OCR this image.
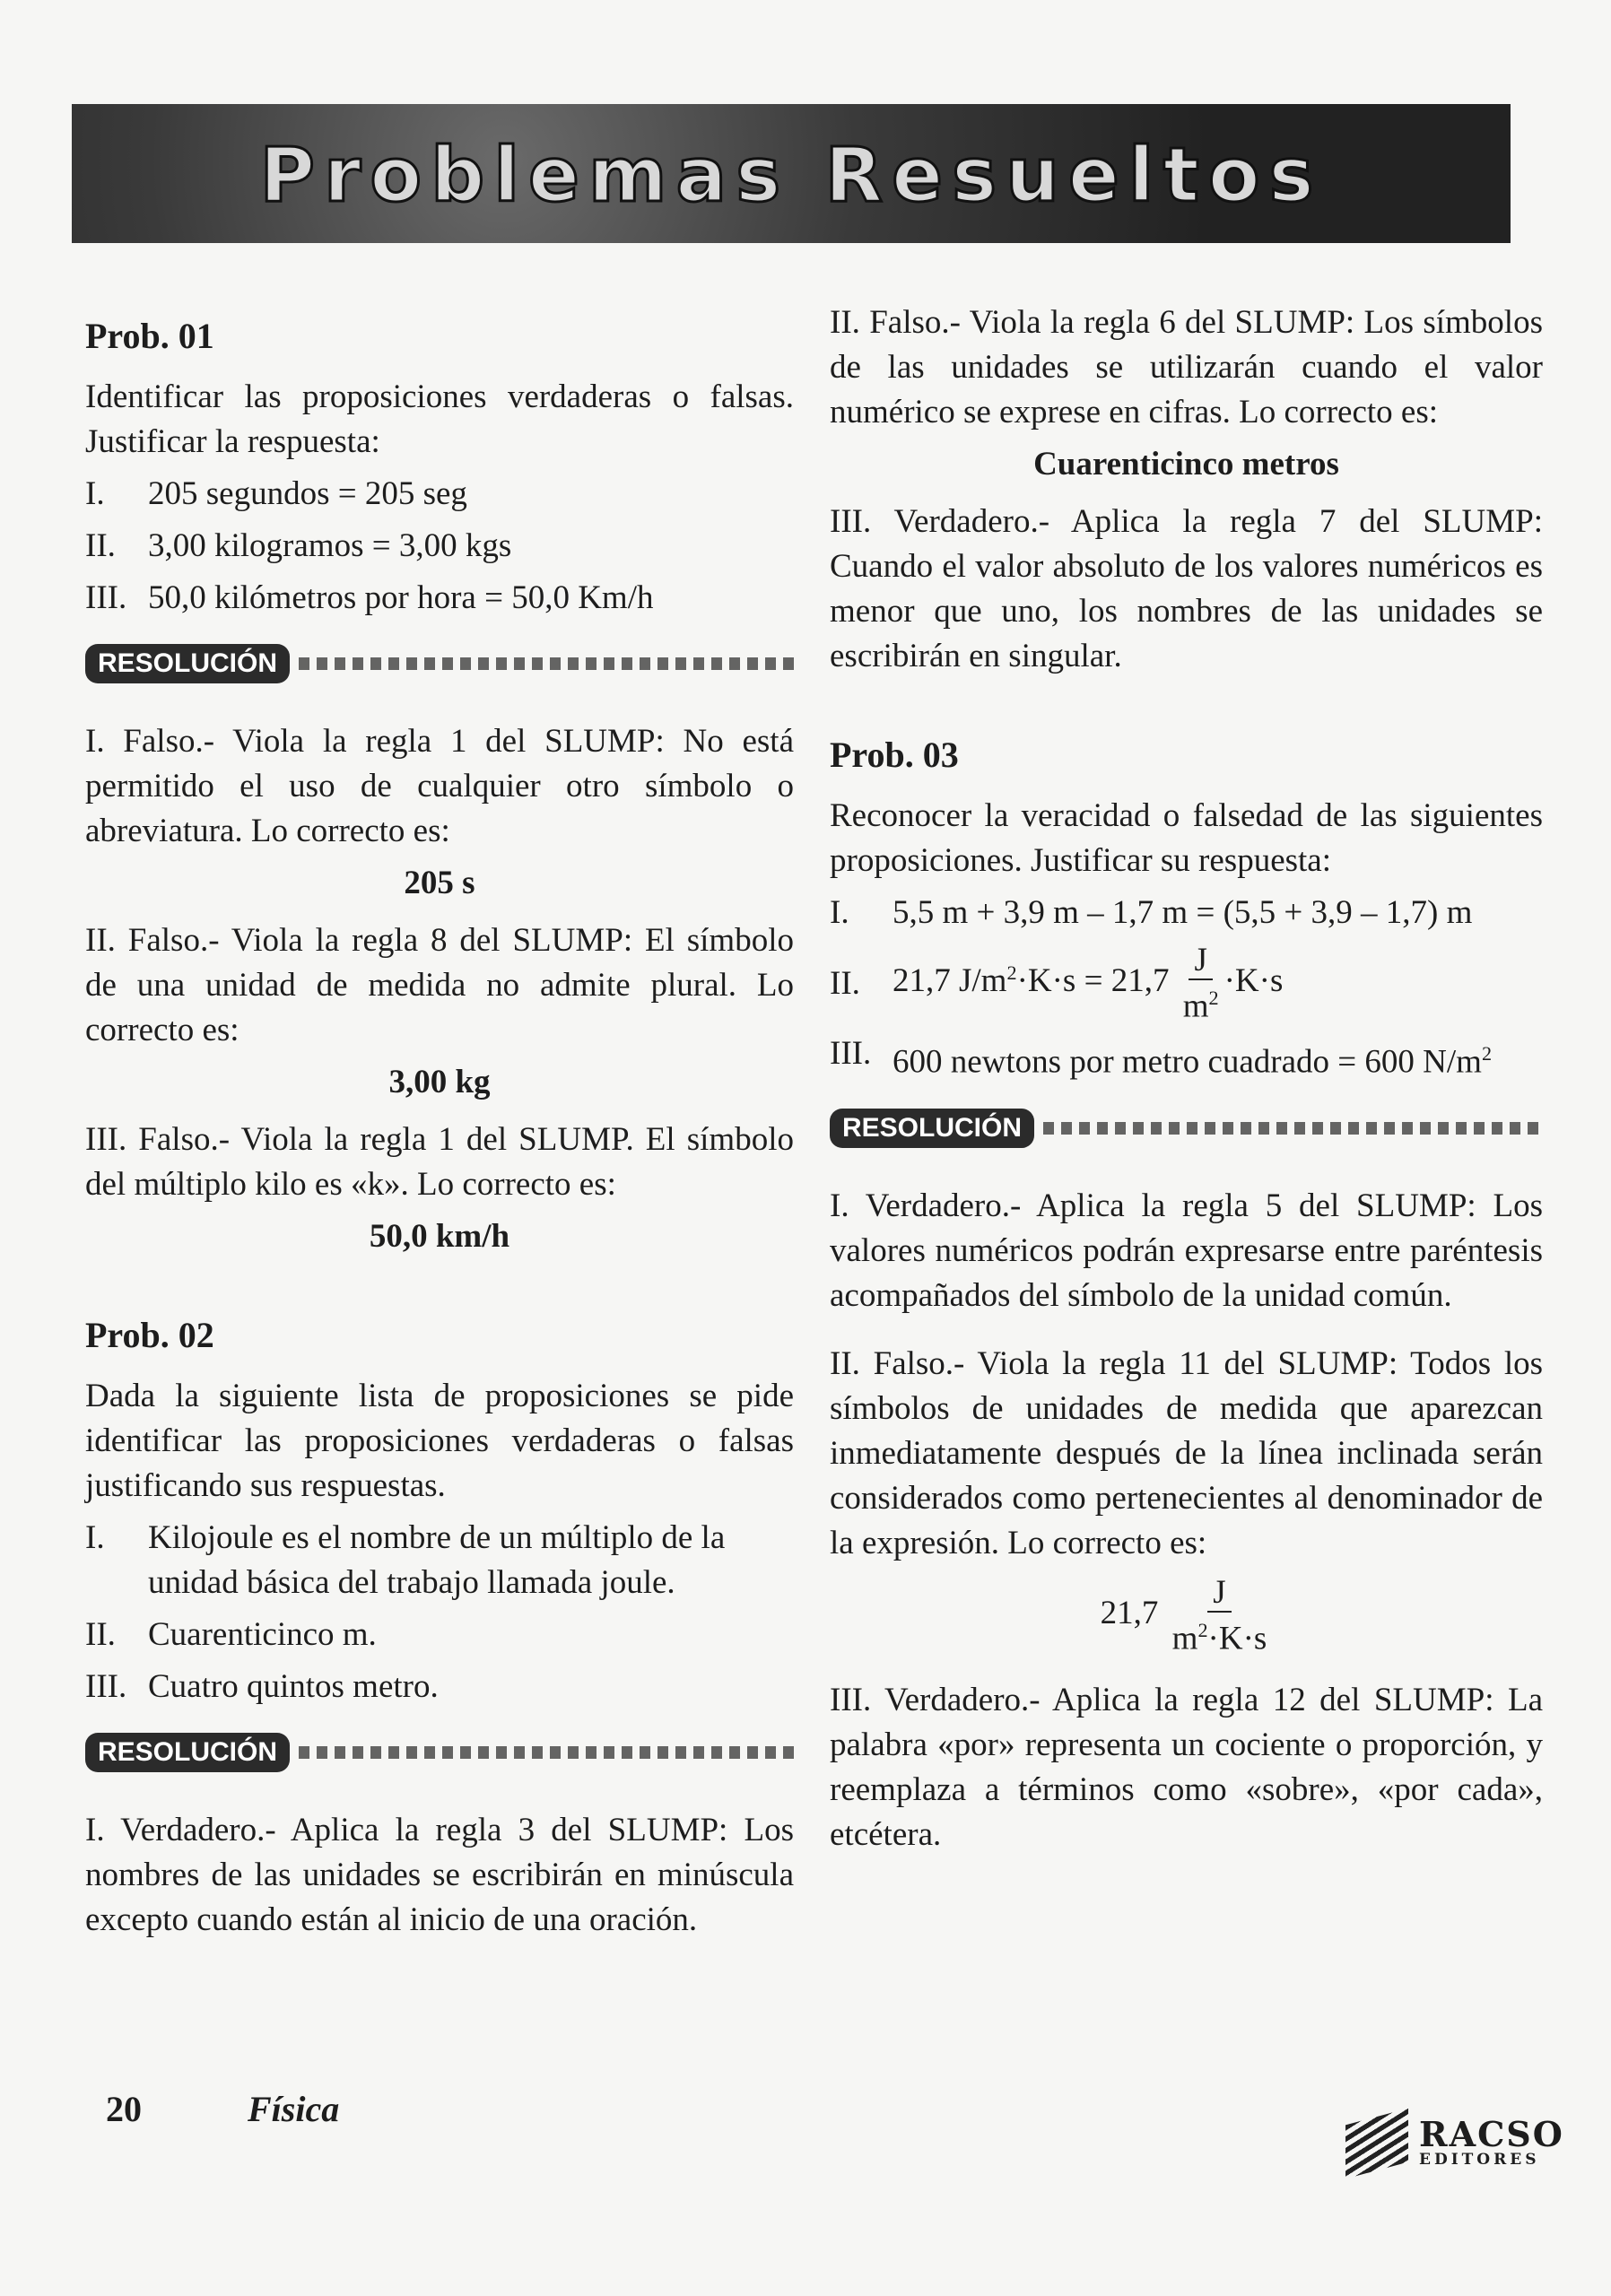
Problemas Resueltos
Prob. 01

Identificar las proposiciones verdaderas o falsas. Justificar la respuesta:

I.	205 segundos = 205 seg
II. 3,00 kilogramos = 3,00 kgs
III. 50,0 kilómetros por hora = 50,0 Km/h
RESOLUCIÓN

I. Falso.- Viola la regla 1 del SLUMP: No está permitido el uso de cualquier otro símbolo o abreviatura. Lo correcto es:

205 s

II. Falso.- Viola la regla 8 del SLUMP: El símbolo de una unidad de medida no admite plural. Lo correcto es:

3,00 kg

III. Falso.- Viola la regla 1 del SLUMP. El símbolo del múltiplo kilo es «k». Lo correcto es:

50,0 km/h
Prob. 02

Dada la siguiente lista de proposiciones se pide identificar las proposiciones verdaderas o falsas justificando sus respuestas.

I.	Kilojoule es el nombre de un múltiplo de la unidad básica del trabajo llamada joule.
II. Cuarenticinco m.
III. Cuatro quintos metro.
RESOLUCIÓN

I. Verdadero.- Aplica la regla 3 del SLUMP: Los nombres de las unidades se escribirán en minúscula excepto cuando están al inicio de una oración.

II. Falso.- Viola la regla 6 del SLUMP: Los símbolos de las unidades se utilizarán cuando el valor numérico se exprese en cifras. Lo correcto es:

Cuarenticinco metros

III. Verdadero.- Aplica la regla 7 del SLUMP: Cuando el valor absoluto de los valores numéricos es menor que uno, los nombres de las unidades se escribirán en singular.

Prob. 03

Reconocer la veracidad o falsedad de las siguientes proposiciones. Justificar su respuesta:

I.	5,5 m + 3,9 m – 1,7 m = (5,5 + 3,9 – 1,7) m
II. 21,7 $J/m^2\cdot K\cdot s = 21,7 \frac{J}{m^2} \cdot K\cdot s$
III. 600 newtons por metro cuadrado = 600 $N/m^2$
RESOLUCIÓN

I. Verdadero.- Aplica la regla 5 del SLUMP: Los valores numéricos podrán expresarse entre paréntesis acompañados del símbolo de la unidad común.

II. Falso.- Viola la regla 11 del SLUMP: Todos los símbolos de unidades de medida que aparezcan inmediatamente después de la línea inclinada serán considerados como pertenecientes al denominador de la expresión. Lo correcto es:

$21,7 \frac{J}{m^2\cdot K\cdot s}$

III. Verdadero.- Aplica la regla 12 del SLUMP: La palabra «por» representa un cociente o proporción, y reemplaza a términos como «sobre», «por cada», etcétera.

20	Física
RACSO
EDITORES
